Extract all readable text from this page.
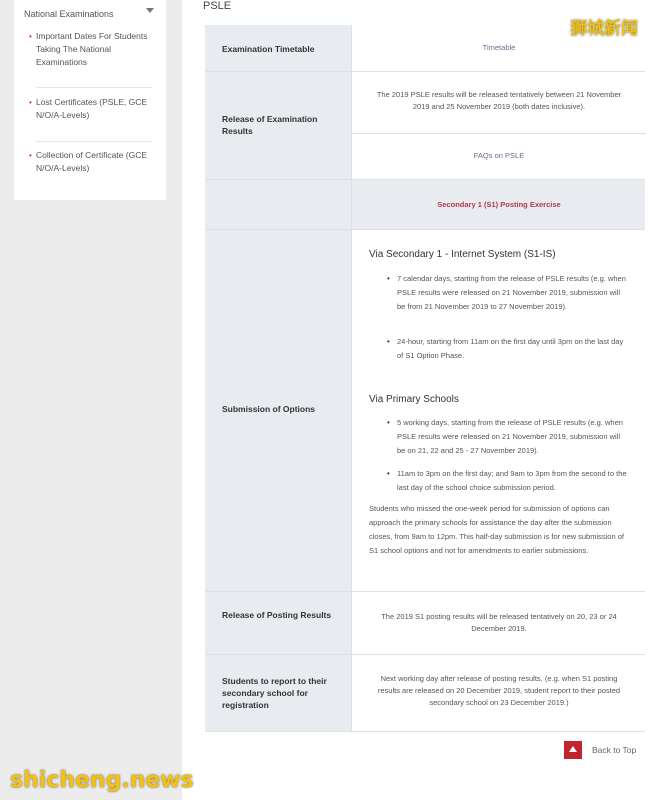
National Examinations
• Important Dates For Students Taking The National Examinations
• Lost Certificates (PSLE, GCE N/O/A-Levels)
• Collection of Certificate (GCE N/O/A-Levels)
PSLE
Examination Timetable	Timetable
Release of Examination Results
The 2019 PSLE results will be released tentatively between 21 November 2019 and 25 November 2019 (both dates inclusive).
FAQs on PSLE
Secondary 1 (S1) Posting Exercise
Submission of Options
Via Secondary 1 - Internet System (S1-IS)
• 7 calendar days, starting from the release of PSLE results (e.g. when PSLE results were released on 21 November 2019, submission will be from 21 November 2019 to 27 November 2019).
• 24-hour, starting from 11am on the first day until 3pm on the last day of S1 Option Phase.
Via Primary Schools
• 5 working days, starting from the release of PSLE results (e.g. when PSLE results were released on 21 November 2019, submission will be on 21, 22 and 25 - 27 November 2019).
• 11am to 3pm on the first day; and 9am to 3pm from the second to the last day of the school choice submission period.
Students who missed the one-week period for submission of options can approach the primary schools for assistance the day after the submission closes, from 9am to 12pm. This half-day submission is for new submission of S1 school options and not for amendments to earlier submissions.
Release of Posting Results	The 2019 S1 posting results will be released tentatively on 20, 23 or 24 December 2019.
Students to report to their secondary school for registration
Next working day after release of posting results. (e.g. when S1 posting results are released on 20 December 2019, student report to their posted secondary school on 23 December 2019.)
Back to Top
狮城新闻
shicheng.news
